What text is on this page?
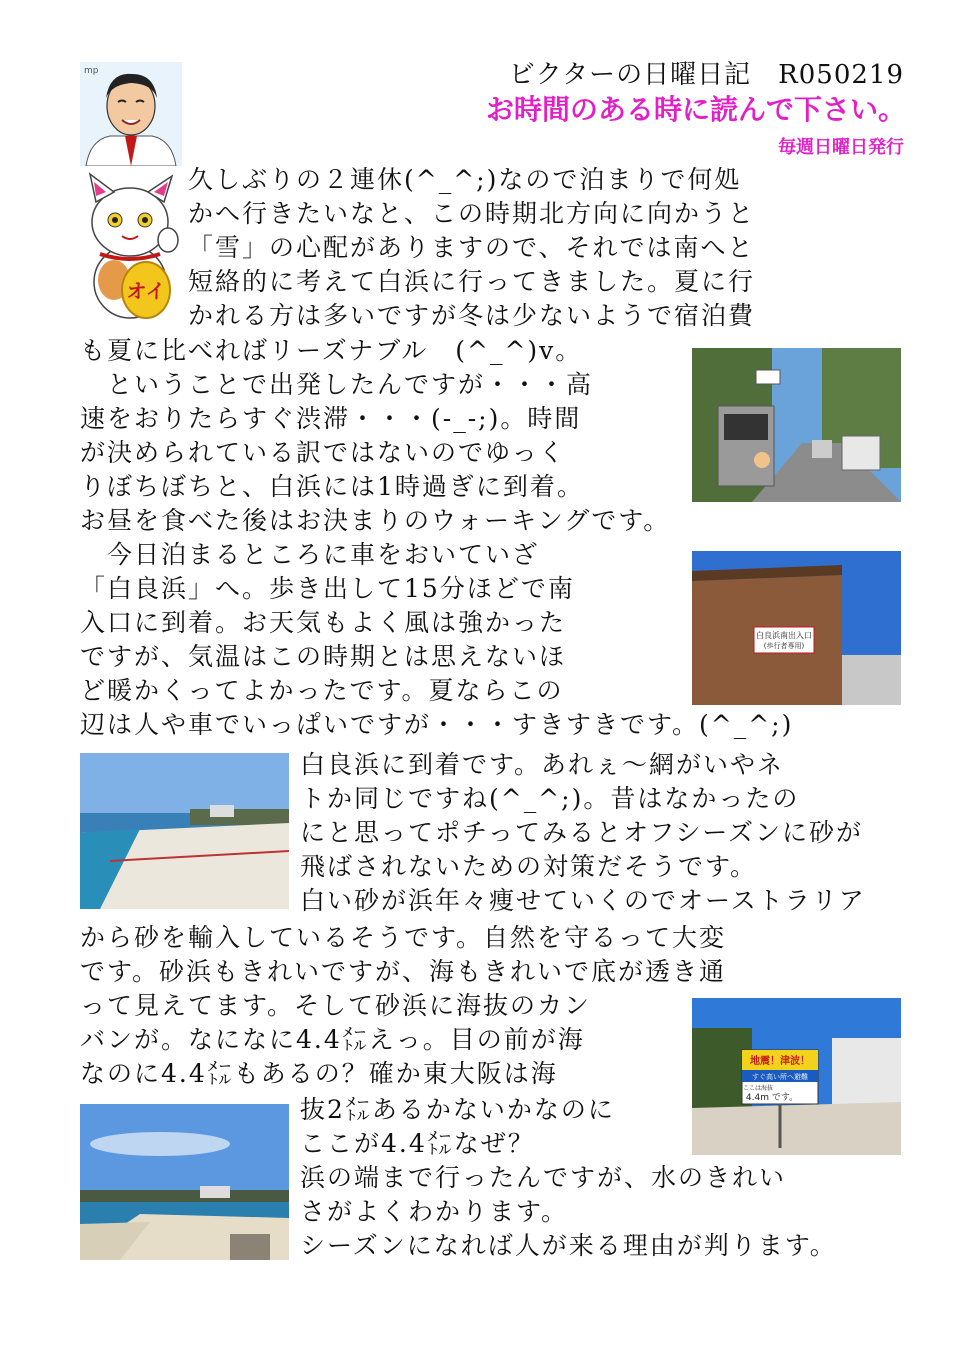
mp
オイ
ビクターの日曜日記　R050219
お時間のある時に読んで下さい。
毎週日曜日発行
白良浜南出入口
(歩行者専用)
地震！津波！
すぐ高い所へ避難
ここは海抜
4.4m です。
久しぶりの２連休(^_^;)なので泊まりで何処
かへ行きたいなと、この時期北方向に向かうと
「雪」の心配がありますので、それでは南へと
短絡的に考えて白浜に行ってきました。夏に行
かれる方は多いですが冬は少ないようで宿泊費
も夏に比べればリーズナブル　(^_^)v。
　ということで出発したんですが・・・高
速をおりたらすぐ渋滞・・・(-_-;)。時間
が決められている訳ではないのでゆっく
りぼちぼちと、白浜には1時過ぎに到着。
お昼を食べた後はお決まりのウォーキングです。
　今日泊まるところに車をおいていざ
「白良浜」へ。歩き出して15分ほどで南
入口に到着。お天気もよく風は強かった
ですが、気温はこの時期とは思えないほ
ど暖かくってよかったです。夏ならこの
辺は人や車でいっぱいですが・・・すきすきです。(^_^;)
白良浜に到着です。あれぇ～網がいやネ
トか同じですね(^_^;)。昔はなかったの
にと思ってポチってみるとオフシーズンに砂が
飛ばされないための対策だそうです。
白い砂が浜年々痩せていくのでオーストラリア
から砂を輸入しているそうです。自然を守るって大変
です。砂浜もきれいですが、海もきれいで底が透き通
って見えてます。そして砂浜に海抜のカン
バンが。なになに4.4㍍えっ。目の前が海
なのに4.4㍍もあるの？確か東大阪は海
抜2㍍あるかないかなのに
ここが4.4㍍なぜ？
浜の端まで行ったんですが、水のきれい
さがよくわかります。
シーズンになれば人が来る理由が判ります。
